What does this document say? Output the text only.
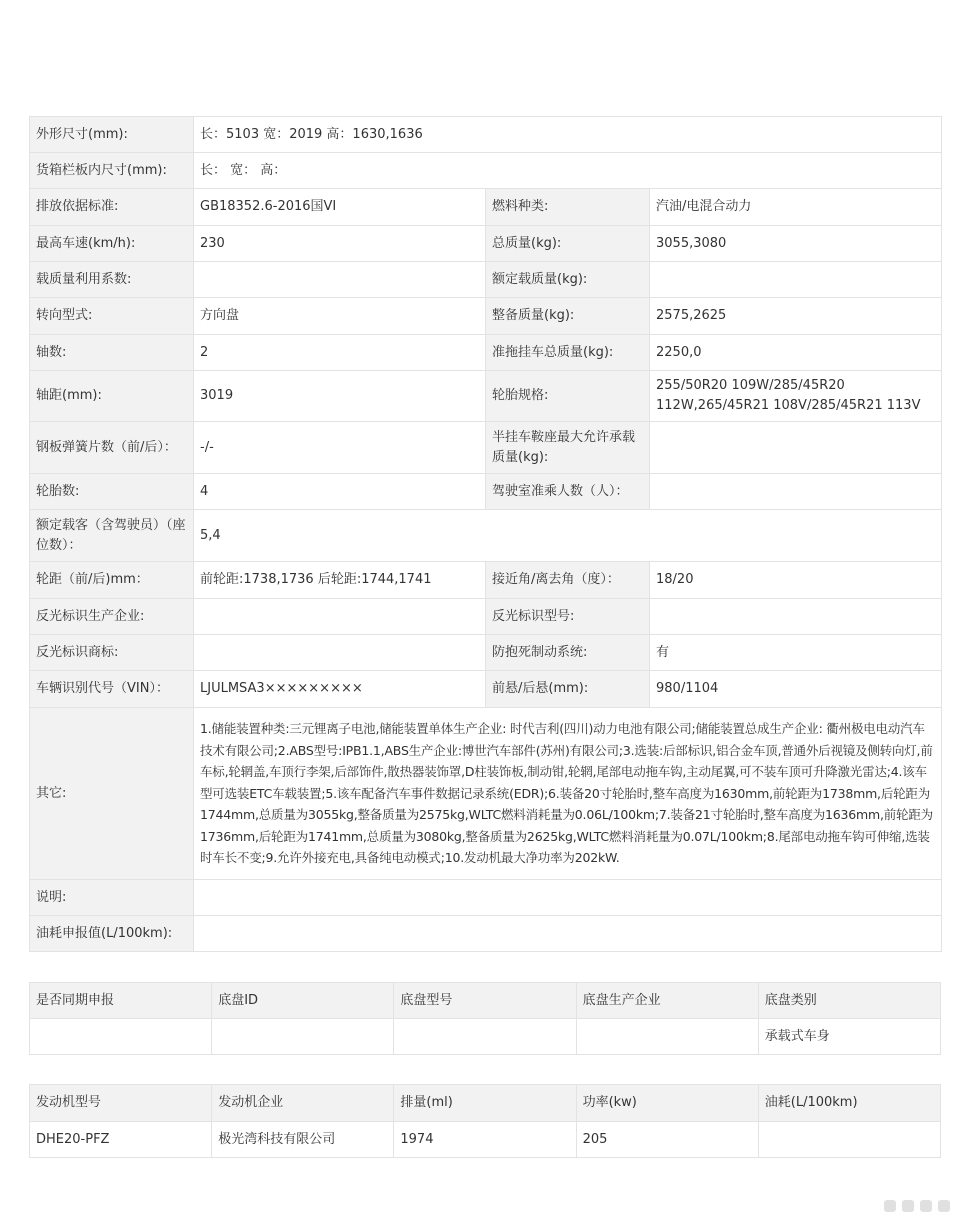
外形尺寸(mm):	长：5103 宽：2019 高：1630,1636		
货箱栏板内尺寸(mm):	长： 宽： 高：		
排放依据标准:	GB18352.6-2016国VI	燃料种类:	汽油/电混合动力
最高车速(km/h):	230	总质量(kg):	3055,3080
载质量利用系数:		额定载质量(kg):	
转向型式:	方向盘	整备质量(kg):	2575,2625
轴数:	2	准拖挂车总质量(kg):	2250,0
轴距(mm):	3019	轮胎规格:	255/50R20 109W/285/45R20 112W,265/45R21 108V/285/45R21 113V
钢板弹簧片数（前/后）：	-/-	半挂车鞍座最大允许承载质量(kg):	
轮胎数:	4	驾驶室准乘人数（人）：	
额定载客（含驾驶员）（座位数）：	5,4		
轮距（前/后)mm：	前轮距:1738,1736 后轮距:1744,1741	接近角/离去角（度）：	18/20
反光标识生产企业:		反光标识型号:	
反光标识商标:		防抱死制动系统:	有
车辆识别代号（VIN）：	LJULMSA3×××××××××	前悬/后悬(mm):	980/1104
其它:	1.储能装置种类:三元锂离子电池,储能装置单体生产企业: 时代吉利(四川)动力电池有限公司;储能装置总成生产企业: 衢州极电电动汽车技术有限公司;2.ABS型号:IPB1.1,ABS生产企业:博世汽车部件(苏州)有限公司;3.选装:后部标识,铝合金车顶,普通外后视镜及侧转向灯,前车标,轮辋盖,车顶行李架,后部饰件,散热器装饰罩,D柱装饰板,制动钳,轮辋,尾部电动拖车钩,主动尾翼,可不装车顶可升降激光雷达;4.该车型可选装ETC车载装置;5.该车配备汽车事件数据记录系统(EDR);6.装备20寸轮胎时,整车高度为1630mm,前轮距为1738mm,后轮距为1744mm,总质量为3055kg,整备质量为2575kg,WLTC燃料消耗量为0.06L/100km;7.装备21寸轮胎时,整车高度为1636mm,前轮距为1736mm,后轮距为1741mm,总质量为3080kg,整备质量为2625kg,WLTC燃料消耗量为0.07L/100km;8.尾部电动拖车钩可伸缩,选装时车长不变;9.允许外接充电,具备纯电动模式;10.发动机最大净功率为202kW.		
说明:			
油耗申报值(L/100km):			
是否同期申报	底盘ID	底盘型号	底盘生产企业	底盘类别
				承载式车身
发动机型号	发动机企业	排量(ml)	功率(kw)	油耗(L/100km)
DHE20-PFZ	极光湾科技有限公司	1974	205	
